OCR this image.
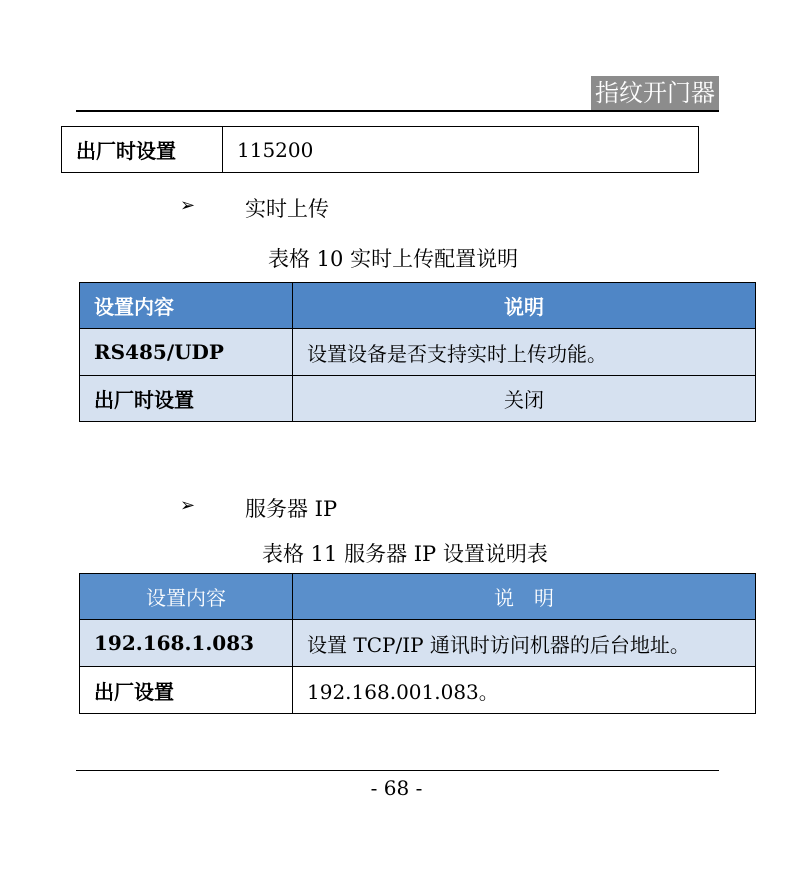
指纹开门器
出厂时设置	115200
➢ 实时上传
表格 10 实时上传配置说明
设置内容	说明
RS485/UDP	设置设备是否支持实时上传功能。
出厂时设置	关闭
➢ 服务器 IP
表格 11 服务器 IP 设置说明表
设置内容	说　明
192.168.1.083	设置 TCP/IP 通讯时访问机器的后台地址。
出厂设置	192.168.001.083。
- 68 -
